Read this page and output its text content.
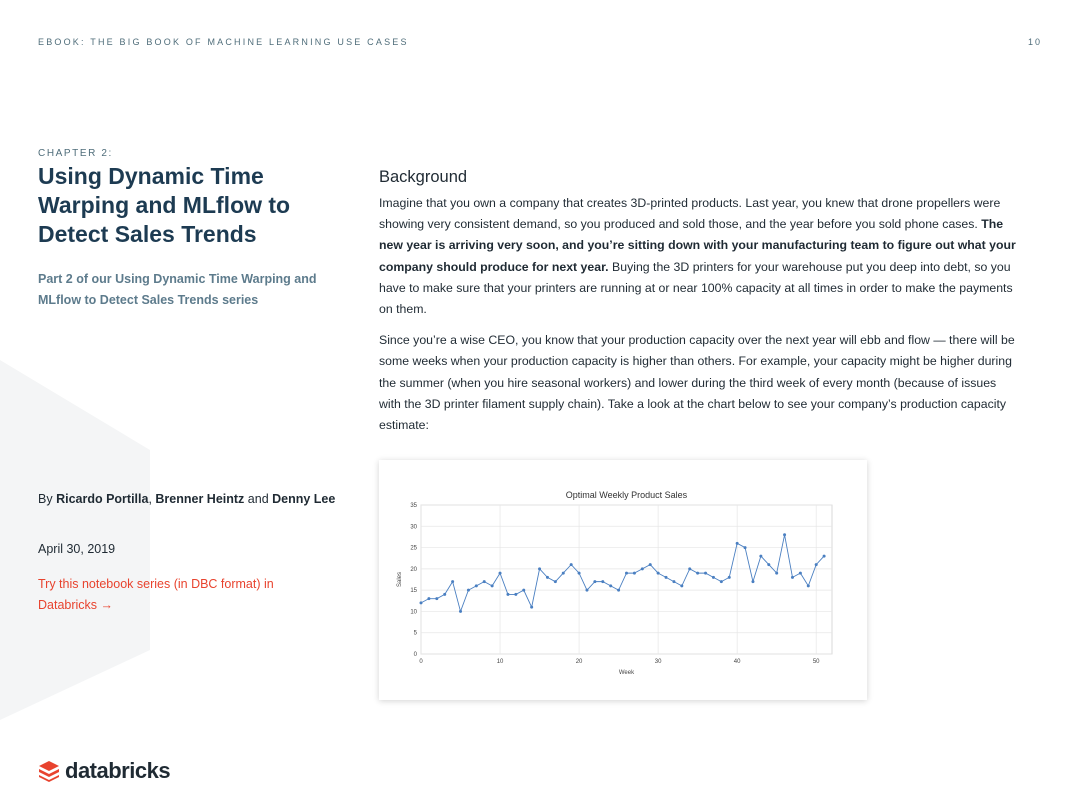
EBOOK: THE BIG BOOK OF MACHINE LEARNING USE CASES	10
CHAPTER 2:
Using Dynamic Time Warping and MLflow to Detect Sales Trends
Part 2 of our Using Dynamic Time Warping and MLflow to Detect Sales Trends series
By Ricardo Portilla, Brenner Heintz and Denny Lee
April 30, 2019
Try this notebook series (in DBC format) in Databricks →
Background

Imagine that you own a company that creates 3D-printed products. Last year, you knew that drone propellers were showing very consistent demand, so you produced and sold those, and the year before you sold phone cases. The new year is arriving very soon, and you’re sitting down with your manufacturing team to figure out what your company should produce for next year. Buying the 3D printers for your warehouse put you deep into debt, so you have to make sure that your printers are running at or near 100% capacity at all times in order to make the payments on them.

Since you’re a wise CEO, you know that your production capacity over the next year will ebb and flow — there will be some weeks when your production capacity is higher than others. For example, your capacity might be higher during the summer (when you hire seasonal workers) and lower during the third week of every month (because of issues with the 3D printer filament supply chain). Take a look at the chart below to see your company’s production capacity estimate:

0
5
10
15
20
25
30
35
0	10	20	30	40	50
Optimal Weekly Product Sales
Week
Sales
databricks
